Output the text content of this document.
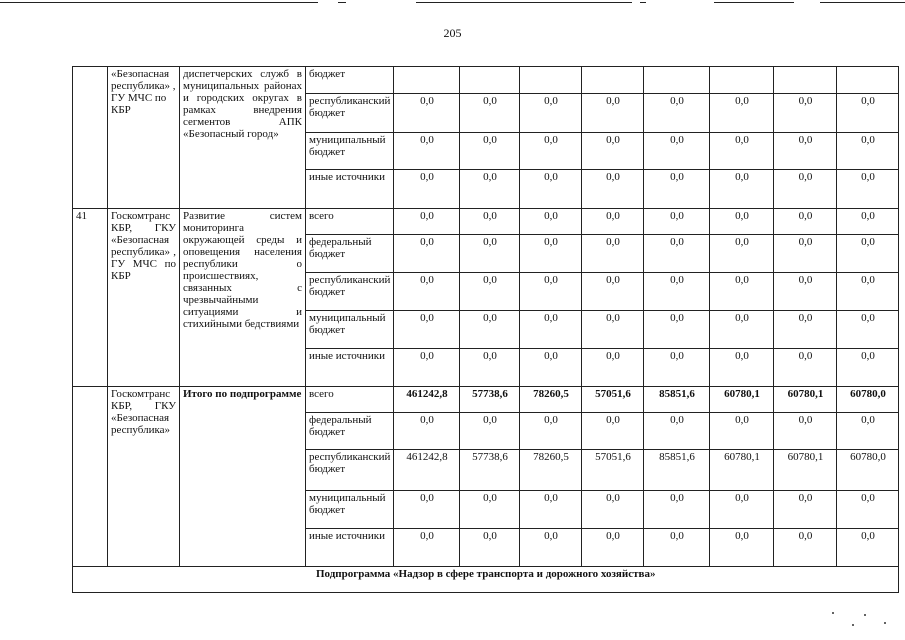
205
	«Безопасная республика» , ГУ МЧС по КБР	диспетчерских служб в муниципальных районах и городских округах в рамках внедрения сегментов АПК «Безопасный город»	бюджет								
			республиканский бюджет	0,0	0,0	0,0	0,0	0,0	0,0	0,0	0,0
			муниципальный бюджет	0,0	0,0	0,0	0,0	0,0	0,0	0,0	0,0
			иные источники	0,0	0,0	0,0	0,0	0,0	0,0	0,0	0,0
41	Госкомтранс КБР, ГКУ «Безопасная республика» , ГУ МЧС по КБР	Развитие систем мониторинга окружающей среды и оповещения населения республики о происшествиях, связанных с чрезвычайными ситуациями и стихийными бедствиями	всего	0,0	0,0	0,0	0,0	0,0	0,0	0,0	0,0
			федеральный бюджет	0,0	0,0	0,0	0,0	0,0	0,0	0,0	0,0
			республиканский бюджет	0,0	0,0	0,0	0,0	0,0	0,0	0,0	0,0
			муниципальный бюджет	0,0	0,0	0,0	0,0	0,0	0,0	0,0	0,0
			иные источники	0,0	0,0	0,0	0,0	0,0	0,0	0,0	0,0
	Госкомтранс КБР, ГКУ «Безопасная республика»	Итого по подпрограмме	всего	461242,8	57738,6	78260,5	57051,6	85851,6	60780,1	60780,1	60780,0
			федеральный бюджет	0,0	0,0	0,0	0,0	0,0	0,0	0,0	0,0
			республиканский бюджет	461242,8	57738,6	78260,5	57051,6	85851,6	60780,1	60780,1	60780,0
			муниципальный бюджет	0,0	0,0	0,0	0,0	0,0	0,0	0,0	0,0
			иные источники	0,0	0,0	0,0	0,0	0,0	0,0	0,0	0,0
Подпрограмма «Надзор в сфере транспорта и дорожного хозяйства»											
